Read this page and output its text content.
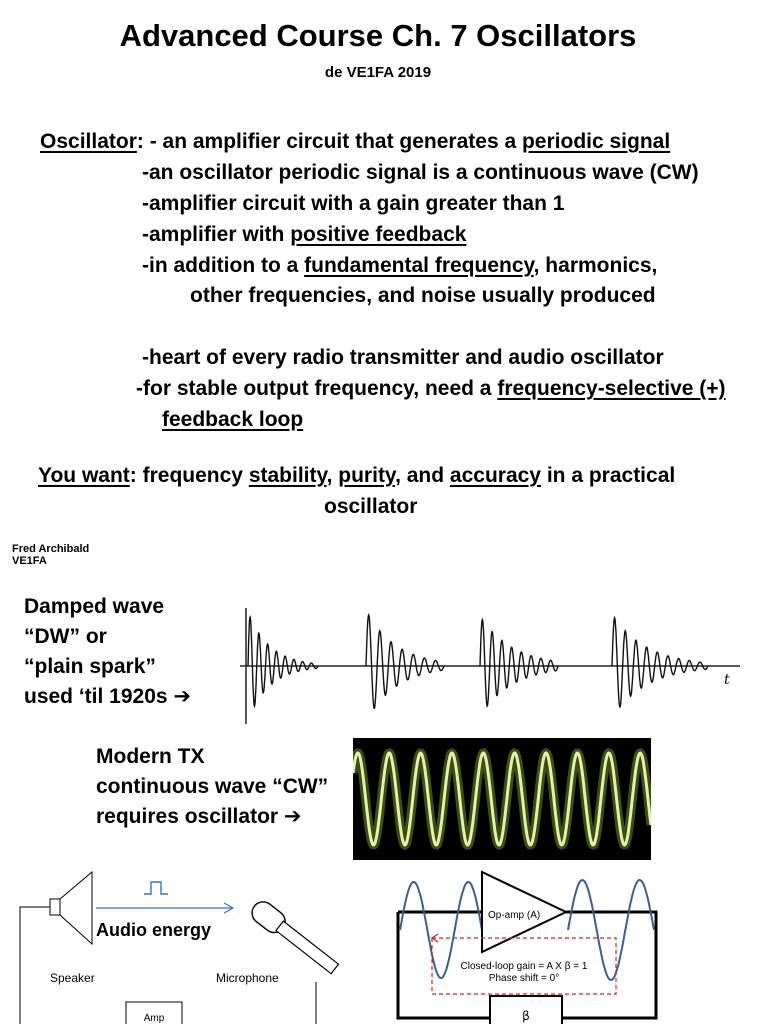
Advanced Course Ch. 7 Oscillators
de VE1FA 2019
Oscillator: - an amplifier circuit that generates a periodic signal
-an oscillator periodic signal is a continuous wave (CW)
-amplifier circuit with a gain greater than 1
-amplifier with positive feedback
-in addition to a fundamental frequency, harmonics,
other frequencies, and noise usually produced
-heart of every radio transmitter and audio oscillator
-for stable output frequency, need a frequency-selective (+)
feedback loop
You want: frequency stability, purity, and accuracy in a practical
oscillator
Fred Archibald
VE1FA
Damped wave
“DW” or
“plain spark”
used ‘til 1920s ➔
t
Modern TX
continuous wave “CW”
requires oscillator ➔
Audio energy
Speaker	Microphone
Amp
Op-amp (A)
Closed-loop gain = A X β = 1
Phase shift = 0°
β
